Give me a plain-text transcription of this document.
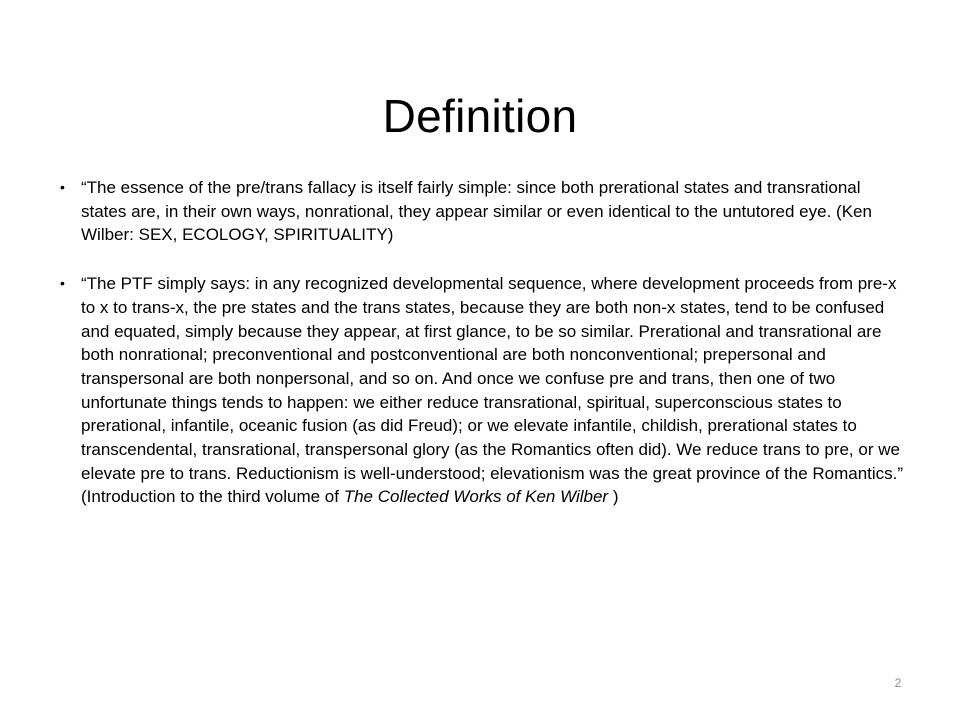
Definition
• “The essence of the pre/trans fallacy is itself fairly simple: since both prerational states and transrational states are, in their own ways, nonrational, they appear similar or even identical to the untutored eye. (Ken Wilber: SEX, ECOLOGY, SPIRITUALITY)
• “The PTF simply says: in any recognized developmental sequence, where development proceeds from pre-x to x to trans-x, the pre states and the trans states, because they are both non-x states, tend to be confused and equated, simply because they appear, at first glance, to be so similar. Prerational and transrational are both nonrational; preconventional and postconventional are both nonconventional; prepersonal and transpersonal are both nonpersonal, and so on. And once we confuse pre and trans, then one of two unfortunate things tends to happen: we either reduce transrational, spiritual, superconscious states to prerational, infantile, oceanic fusion (as did Freud); or we elevate infantile, childish, prerational states to transcendental, transrational, transpersonal glory (as the Romantics often did). We reduce trans to pre, or we elevate pre to trans. Reductionism is well-understood; elevationism was the great province of the Romantics.” (Introduction to the third volume of The Collected Works of Ken Wilber )
2
